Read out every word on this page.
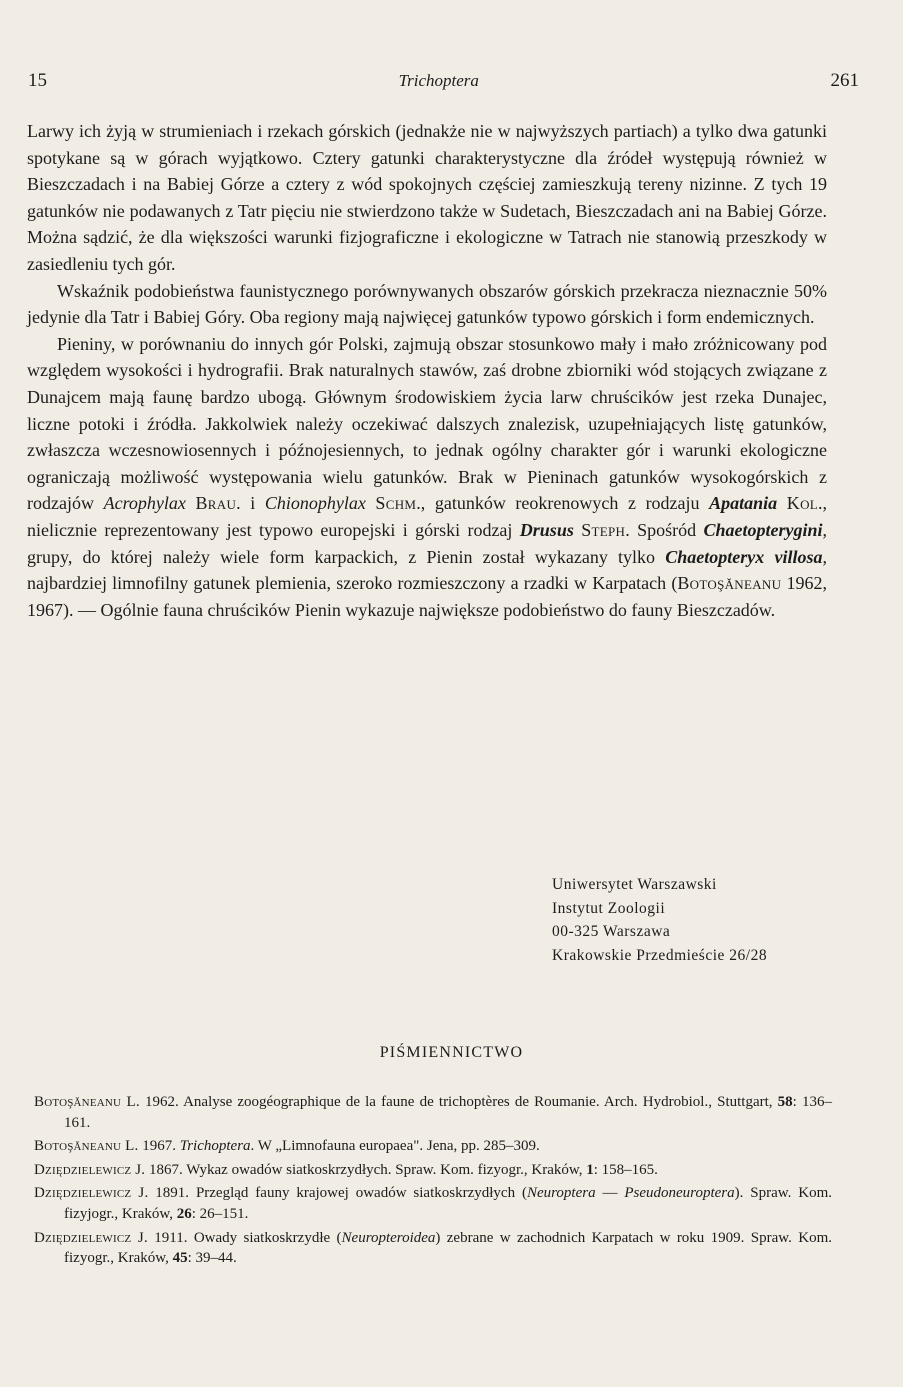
15	Trichoptera	261

Larwy ich żyją w strumieniach i rzekach górskich (jednakże nie w najwyższych partiach) a tylko dwa gatunki spotykane są w górach wyjątkowo. Cztery gatunki charakterystyczne dla źródeł występują również w Bieszczadach i na Babiej Górze a cztery z wód spokojnych częściej zamieszkują tereny nizinne. Z tych 19 gatunków nie podawanych z Tatr pięciu nie stwierdzono także w Sudetach, Bieszczadach ani na Babiej Górze. Można sądzić, że dla większości warunki fizjograficzne i ekologiczne w Tatrach nie stanowią przeszkody w zasiedleniu tych gór.

Wskaźnik podobieństwa faunistycznego porównywanych obszarów górskich przekracza nieznacznie 50% jedynie dla Tatr i Babiej Góry. Oba regiony mają najwięcej gatunków typowo górskich i form endemicznych.

Pieniny, w porównaniu do innych gór Polski, zajmują obszar stosunkowo mały i mało zróżnicowany pod względem wysokości i hydrografii. Brak naturalnych stawów, zaś drobne zbiorniki wód stojących związane z Dunajcem mają faunę bardzo ubogą. Głównym środowiskiem życia larw chruścików jest rzeka Dunajec, liczne potoki i źródła. Jakkolwiek należy oczekiwać dalszych znalezisk, uzupełniających listę gatunków, zwłaszcza wczesnowiosennych i późnojesiennych, to jednak ogólny charakter gór i warunki ekologiczne ograniczają możliwość występowania wielu gatunków. Brak w Pieninach gatunków wysokogórskich z rodzajów Acrophylax Brau. i Chionophylax Schm., gatunków reokrenowych z rodzaju Apatania Kol., nielicznie reprezentowany jest typowo europejski i górski rodzaj Drusus Steph. Spośród Chaetopterygini, grupy, do której należy wiele form karpackich, z Pienin został wykazany tylko Chaetopteryx villosa, najbardziej limnofilny gatunek plemienia, szeroko rozmieszczony a rzadki w Karpatach (Botoşăneanu 1962, 1967). — Ogólnie fauna chruścików Pienin wykazuje największe podobieństwo do fauny Bieszczadów.

Uniwersytet Warszawski
Instytut Zoologii
00-325 Warszawa
Krakowskie Przedmieście 26/28
PIŚMIENNICTWO

Botoşăneanu L. 1962. Analyse zoogéographique de la faune de trichoptères de Roumanie. Arch. Hydrobiol., Stuttgart, 58: 136–161.

Botoşăneanu L. 1967. Trichoptera. W „Limnofauna europaea". Jena, pp. 285–309.

Dziędzielewicz J. 1867. Wykaz owadów siatkoskrzydłych. Spraw. Kom. fizyogr., Kraków, 1: 158–165.

Dziędzielewicz J. 1891. Przegląd fauny krajowej owadów siatkoskrzydłych (Neuroptera — Pseudoneuroptera). Spraw. Kom. fizyjogr., Kraków, 26: 26–151.

Dziędzielewicz J. 1911. Owady siatkoskrzydłe (Neuropteroidea) zebrane w zachodnich Karpatach w roku 1909. Spraw. Kom. fizyogr., Kraków, 45: 39–44.
